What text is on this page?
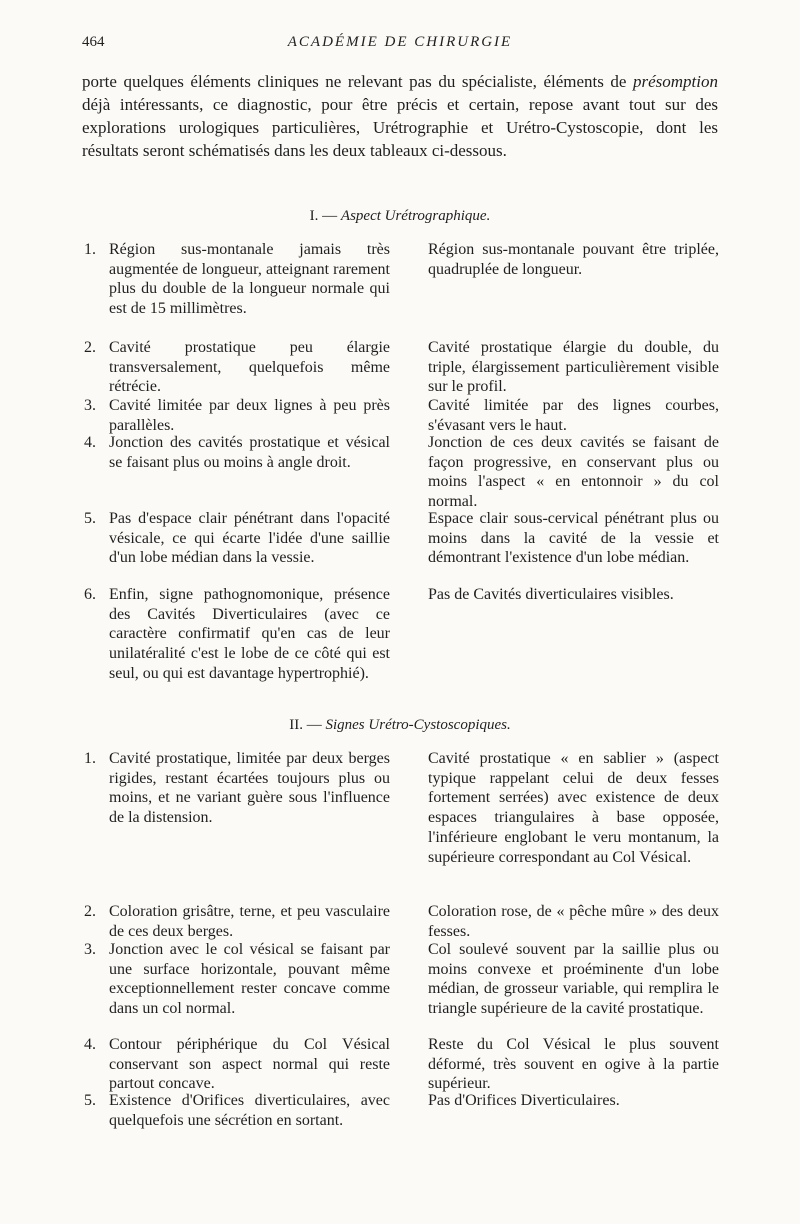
464	ACADÉMIE DE CHIRURGIE

porte quelques éléments cliniques ne relevant pas du spécialiste, éléments de présomption déjà intéressants, ce diagnostic, pour être précis et certain, repose avant tout sur des explorations urologiques particulières, Urétrographie et Urétro-Cystoscopie, dont les résultats seront schématisés dans les deux tableaux ci-dessous.

I. — Aspect Urétrographique.
1. Région sus-montanale jamais très augmentée de longueur, atteignant rarement plus du double de la longueur normale qui est de 15 millimètres.
Région sus-montanale pouvant être triplée, quadruplée de longueur.
2. Cavité prostatique peu élargie transversalement, quelquefois même rétrécie.
Cavité prostatique élargie du double, du triple, élargissement particulièrement visible sur le profil.
3. Cavité limitée par deux lignes à peu près parallèles.
Cavité limitée par des lignes courbes, s'évasant vers le haut.
4. Jonction des cavités prostatique et vésical se faisant plus ou moins à angle droit.
Jonction de ces deux cavités se faisant de façon progressive, en conservant plus ou moins l'aspect « en entonnoir » du col normal.
5. Pas d'espace clair pénétrant dans l'opacité vésicale, ce qui écarte l'idée d'une saillie d'un lobe médian dans la vessie.
Espace clair sous-cervical pénétrant plus ou moins dans la cavité de la vessie et démontrant l'existence d'un lobe médian.
6. Enfin, signe pathognomonique, présence des Cavités Diverticulaires (avec ce caractère confirmatif qu'en cas de leur unilatéralité c'est le lobe de ce côté qui est seul, ou qui est davantage hypertrophié).
Pas de Cavités diverticulaires visibles.
II. — Signes Urétro-Cystoscopiques.
1. Cavité prostatique, limitée par deux berges rigides, restant écartées toujours plus ou moins, et ne variant guère sous l'influence de la distension.
Cavité prostatique « en sablier » (aspect typique rappelant celui de deux fesses fortement serrées) avec existence de deux espaces triangulaires à base opposée, l'inférieure englobant le veru montanum, la supérieure correspondant au Col Vésical.
2. Coloration grisâtre, terne, et peu vasculaire de ces deux berges.
Coloration rose, de « pêche mûre » des deux fesses.
3. Jonction avec le col vésical se faisant par une surface horizontale, pouvant même exceptionnellement rester concave comme dans un col normal.
Col soulevé souvent par la saillie plus ou moins convexe et proéminente d'un lobe médian, de grosseur variable, qui remplira le triangle supérieure de la cavité prostatique.
4. Contour périphérique du Col Vésical conservant son aspect normal qui reste partout concave.
Reste du Col Vésical le plus souvent déformé, très souvent en ogive à la partie supérieur.
5. Existence d'Orifices diverticulaires, avec quelquefois une sécrétion en sortant.
Pas d'Orifices Diverticulaires.
